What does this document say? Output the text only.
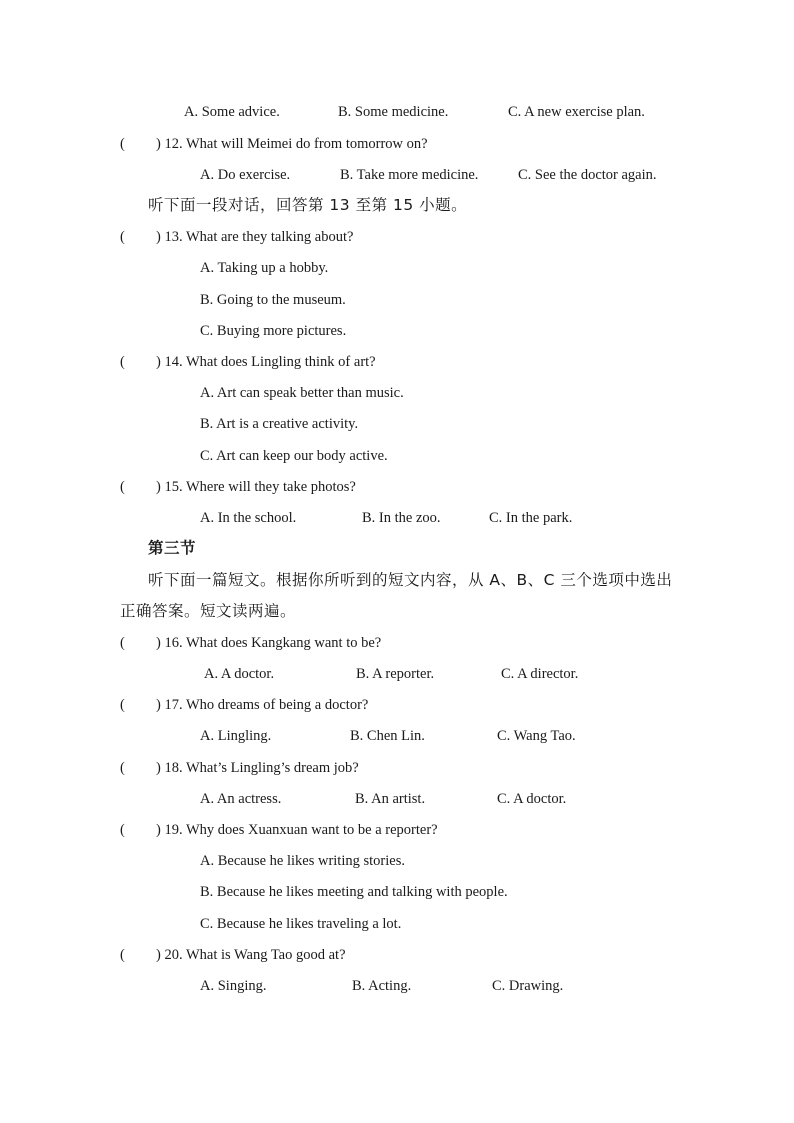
A. Some advice.	B. Some medicine.	C. A new exercise plan.
( ) 12. What will Meimei do from tomorrow on?
A. Do exercise.	B. Take more medicine.	C. See the doctor again.
听下面一段对话，回答第 13 至第 15 小题。
( ) 13. What are they talking about?
A. Taking up a hobby.
B. Going to the museum.
C. Buying more pictures.
( ) 14. What does Lingling think of art?
A. Art can speak better than music.
B. Art is a creative activity.
C. Art can keep our body active.
( ) 15. Where will they take photos?
A. In the school.	B. In the zoo.	C. In the park.
第三节
听下面一篇短文。根据你所听到的短文内容，从 A、B、C 三个选项中选出
正确答案。短文读两遍。
( ) 16. What does Kangkang want to be?
A. A doctor.	B. A reporter.	C. A director.
( ) 17. Who dreams of being a doctor?
A. Lingling.	B. Chen Lin.	C. Wang Tao.
( ) 18. What’s Lingling’s dream job?
A. An actress.	B. An artist.	C. A doctor.
( ) 19. Why does Xuanxuan want to be a reporter?
A. Because he likes writing stories.
B. Because he likes meeting and talking with people.
C. Because he likes traveling a lot.
( ) 20. What is Wang Tao good at?
A. Singing.	B. Acting.	C. Drawing.
